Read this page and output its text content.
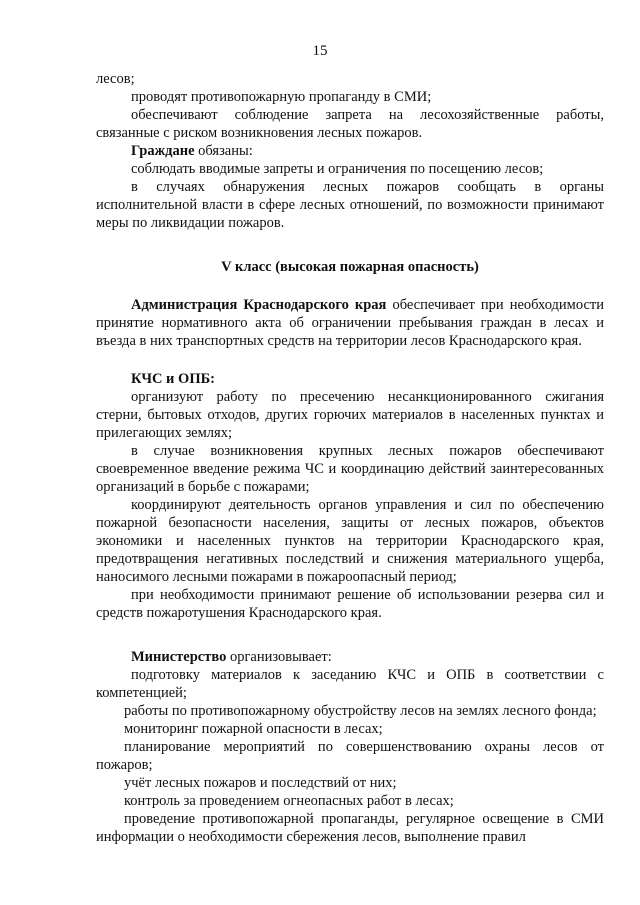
15

лесов;

проводят противопожарную пропаганду в СМИ;

обеспечивают соблюдение запрета на лесохозяйственные работы, связанные с риском возникновения лесных пожаров.

Граждане обязаны:

соблюдать вводимые запреты и ограничения по посещению лесов;

в случаях обнаружения лесных пожаров сообщать в органы исполнительной власти в сфере лесных отношений, по возможности принимают меры по ликвидации пожаров.

V класс (высокая пожарная опасность)

Администрация Краснодарского края обеспечивает при необходимости принятие нормативного акта об ограничении пребывания граждан в лесах и въезда в них транспортных средств на территории лесов Краснодарского края.

КЧС и ОПБ:

организуют работу по пресечению несанкционированного сжигания стерни, бытовых отходов, других горючих материалов в населенных пунктах и прилегающих землях;

в случае возникновения крупных лесных пожаров обеспечивают своевременное введение режима ЧС и координацию действий заинтересованных организаций в борьбе с пожарами;

координируют деятельность органов управления и сил по обеспечению пожарной безопасности населения, защиты от лесных пожаров, объектов экономики и населенных пунктов на территории Краснодарского края, предотвращения негативных последствий и снижения материального ущерба, наносимого лесными пожарами в пожароопасный период;

при необходимости принимают решение об использовании резерва сил и средств пожаротушения Краснодарского края.

Министерство организовывает:

подготовку материалов к заседанию КЧС и ОПБ в соответствии с компетенцией;

работы по противопожарному обустройству лесов на землях лесного фонда;

мониторинг пожарной опасности в лесах;

планирование мероприятий по совершенствованию охраны лесов от пожаров;

учёт лесных пожаров и последствий от них;

контроль за проведением огнеопасных работ в лесах;

проведение противопожарной пропаганды, регулярное освещение в СМИ информации о необходимости сбережения лесов, выполнение правил
